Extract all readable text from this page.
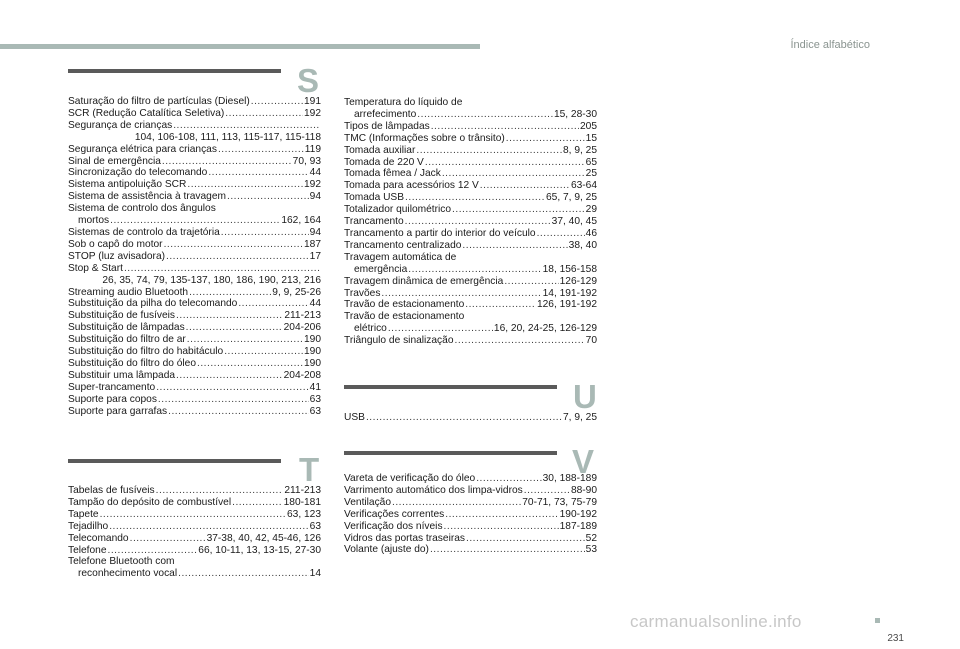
Índice alfabético
S
Saturação do filtro de partículas (Diesel) .....	191
SCR (Redução Catalítica Seletiva) .....	192
Segurança de crianças
.....
104, 106-108, 111, 113, 115-117, 115-118
Segurança elétrica para crianças .....	119
Sinal de emergência .....	70, 93
Sincronização do telecomando .....	44
Sistema antipoluição SCR .....	192
Sistema de assistência à travagem .....	94
Sistema de controlo dos ângulos
mortos .....	162, 164
Sistemas de controlo da trajetória .....	94
Sob o capô do motor .....	187
STOP (luz avisadora) .....	17
Stop & Start
.....
26, 35, 74, 79, 135-137, 180, 186, 190, 213, 216
Streaming audio Bluetooth .....	9, 9, 25-26
Substituição da pilha do telecomando .....	44
Substituição de fusíveis .....	211-213
Substituição de lâmpadas .....	204-206
Substituição do filtro de ar .....	190
Substituição do filtro do habitáculo .....	190
Substituição do filtro do óleo .....	190
Substituir uma lâmpada .....	204-208
Super-trancamento .....	41
Suporte para copos .....	63
Suporte para garrafas .....	63
T
Tabelas de fusíveis .....	211-213
Tampão do depósito de combustível .....	180-181
Tapete .....	63, 123
Tejadilho .....	63
Telecomando .....	37-38, 40, 42, 45-46, 126
Telefone .....	66, 10-11, 13, 13-15, 27-30
Telefone Bluetooth com
reconhecimento vocal .....	14
Temperatura do líquido de
arrefecimento .....	15, 28-30
Tipos de lâmpadas .....	205
TMC (Informações sobre o trânsito) .....	15
Tomada auxiliar .....	8, 9, 25
Tomada de 220 V .....	65
Tomada fêmea / Jack .....	25
Tomada para acessórios 12 V .....	63-64
Tomada USB .....	65, 7, 9, 25
Totalizador quilométrico .....	29
Trancamento .....	37, 40, 45
Trancamento a partir do interior do veículo .....	46
Trancamento centralizado .....	38, 40
Travagem automática de
emergência .....	18, 156-158
Travagem dinâmica de emergência .....	126-129
Travões .....	14, 191-192
Travão de estacionamento .....	126, 191-192
Travão de estacionamento
elétrico .....	16, 20, 24-25, 126-129
Triângulo de sinalização .....	70
U
USB .....	7, 9, 25
V
Vareta de verificação do óleo .....	30, 188-189
Varrimento automático dos limpa-vidros .....	88-90
Ventilação .....	70-71, 73, 75-79
Verificações correntes .....	190-192
Verificação dos níveis .....	187-189
Vidros das portas traseiras .....	52
Volante (ajuste do) .....	53
231
carmanualsonline.info
